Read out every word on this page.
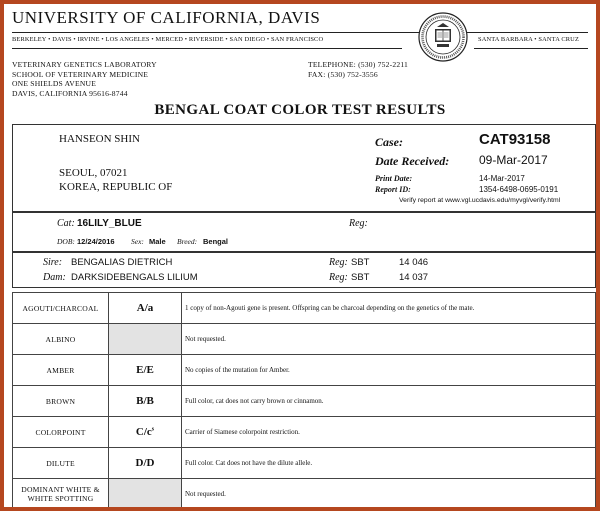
UNIVERSITY OF CALIFORNIA, DAVIS
BERKELEY • DAVIS • IRVINE • LOS ANGELES • MERCED • RIVERSIDE • SAN DIEGO • SAN FRANCISCO	SANTA BARBARA • SANTA CRUZ
VETERINARY GENETICS LABORATORY
SCHOOL OF VETERINARY MEDICINE
ONE SHIELDS AVENUE
DAVIS, CALIFORNIA 95616-8744
TELEPHONE: (530) 752-2211
FAX: (530) 752-3556
BENGAL COAT COLOR TEST RESULTS
HANSEON SHIN
SEOUL, 07021
KOREA, REPUBLIC OF
Case:	CAT93158
Date Received: 09-Mar-2017
Print Date:	14-Mar-2017
Report ID:	1354-6498-0695-0191
Verify report at www.vgl.ucdavis.edu/myvgl/verify.html
Cat: 16LILY_BLUE	Reg:
DOB: 12/24/2016 Sex: Male Breed: Bengal
Sire: BENGALIAS DIETRICH	Reg: SBT	14 046
Dam: DARKSIDEBENGALS LILIUM	Reg: SBT	14 037
AGOUTI/CHARCOAL	A/a	1 copy of non-Agouti gene is present. Offspring can be charcoal depending on the genetics of the mate.
ALBINO		Not requested.
AMBER	E/E	No copies of the mutation for Amber.
BROWN	B/B	Full color, cat does not carry brown or cinnamon.
COLORPOINT	$C/c^s$	Carrier of Siamese colorpoint restriction.
DILUTE	D/D	Full color. Cat does not have the dilute allele.
DOMINANT WHITE &
WHITE SPOTTING		Not requested.
